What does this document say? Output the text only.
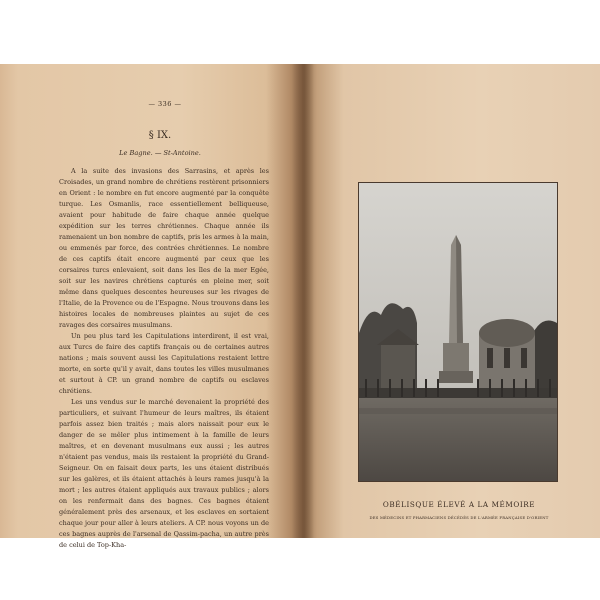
— 336 —
§ IX.
Le Bagne. — St-Antoine.

A la suite des invasions des Sarrasins, et après les Croisades, un grand nombre de chrétiens restèrent prisonniers en Orient : le nombre en fut encore augmenté par la conquête turque. Les Osmanlis, race essentiellement belliqueuse, avaient pour habitude de faire chaque année quelque expédition sur les terres chrétiennes. Chaque année ils ramenaient un bon nombre de captifs, pris les armes à la main, ou emmenés par force, des contrées chrétiennes. Le nombre de ces captifs était encore augmenté par ceux que les corsaires turcs enlevaient, soit dans les îles de la mer Egée, soit sur les navires chrétiens capturés en pleine mer, soit même dans quelques descentes heureuses sur les rivages de l'Italie, de la Provence ou de l'Espagne. Nous trouvons dans les histoires locales de nombreuses plaintes au sujet de ces ravages des corsaires musulmans.

Un peu plus tard les Capitulations interdirent, il est vrai, aux Turcs de faire des captifs français ou de certaines autres nations ; mais souvent aussi les Capitulations restaient lettre morte, en sorte qu'il y avait, dans toutes les villes musulmanes et surtout à CP. un grand nombre de captifs ou esclaves chrétiens.

Les uns vendus sur le marché devenaient la propriété des particuliers, et suivant l'humeur de leurs maîtres, ils étaient parfois assez bien traités ; mais alors naissait pour eux le danger de se mêler plus intimement à la famille de leurs maîtres, et en devenant musulmans eux aussi ; les autres n'étaient pas vendus, mais ils restaient la propriété du Grand-Seigneur. On en faisait deux parts, les uns étaient distribués sur les galères, et ils étaient attachés à leurs rames jusqu'à la mort ; les autres étaient appliqués aux travaux publics ; alors on les renfermait dans des bagnes. Ces bagnes étaient généralement près des arsenaux, et les esclaves en sortaient chaque jour pour aller à leurs ateliers. A CP. nous voyons un de ces bagnes auprès de l'arsenal de Qassim-pacha, un autre près de celui de Top-Kha-

OBÉLISQUE ÉLEVÉ A LA MÉMOIRE
DES MÉDECINS ET PHARMACIENS DÉCÉDÉS DE L'ARMÉE FRANÇAISE D'ORIENT
